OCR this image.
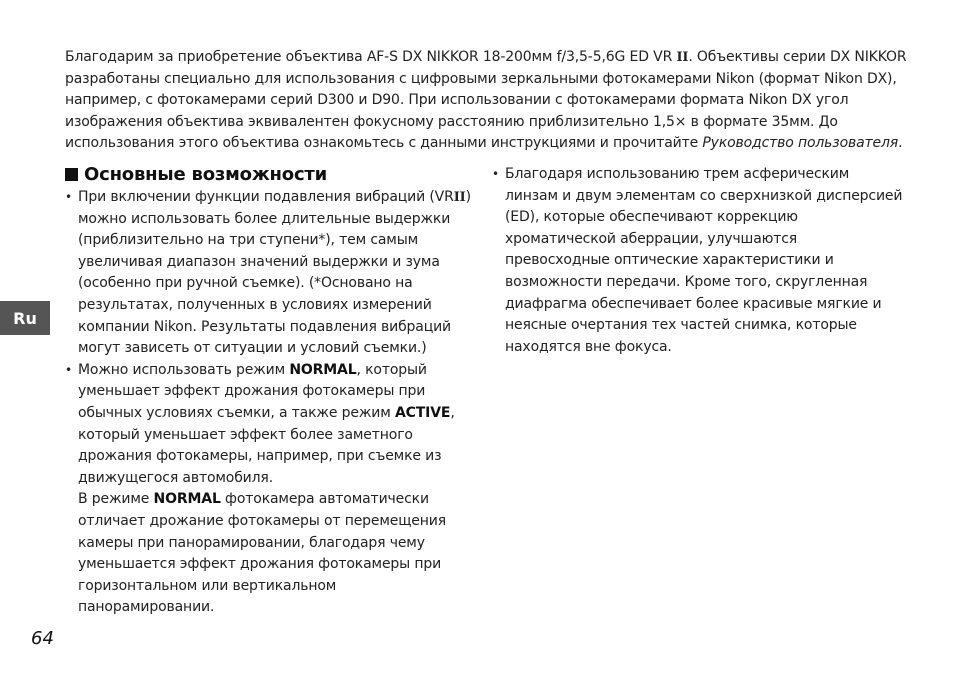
Благодарим за приобретение объектива AF-S DX NIKKOR 18-200мм f/3,5-5,6G ED VR II. Объективы серии DX NIKKOR
разработаны специально для использования с цифровыми зеркальными фотокамерами Nikon (формат Nikon DX),
например, с фотокамерами серий D300 и D90. При использовании с фотокамерами формата Nikon DX угол
изображения объектива эквивалентен фокусному расстоянию приблизительно 1,5× в формате 35мм. До
использования этого объектива ознакомьтесь с данными инструкциями и прочитайте Руководство пользователя.
Основные возможности
• При включении функции подавления вибраций (VRII)
можно использовать более длительные выдержки
(приблизительно на три ступени*), тем самым
увеличивая диапазон значений выдержки и зума
(особенно при ручной съемке). (*Основано на
результатах, полученных в условиях измерений
компании Nikon. Результаты подавления вибраций
могут зависеть от ситуации и условий съемки.)
• Можно использовать режим NORMAL, который
уменьшает эффект дрожания фотокамеры при
обычных условиях съемки, а также режим ACTIVE,
который уменьшает эффект более заметного
дрожания фотокамеры, например, при съемке из
движущегося автомобиля.
В режиме NORMAL фотокамера автоматически
отличает дрожание фотокамеры от перемещения
камеры при панорамировании, благодаря чему
уменьшается эффект дрожания фотокамеры при
горизонтальном или вертикальном
панорамировании.
• Благодаря использованию трем асферическим
линзам и двум элементам со сверхнизкой дисперсией
(ED), которые обеспечивают коррекцию
хроматической аберрации, улучшаются
превосходные оптические характеристики и
возможности передачи. Кроме того, скругленная
диафрагма обеспечивает более красивые мягкие и
неясные очертания тех частей снимка, которые
находятся вне фокуса.
Ru
64
